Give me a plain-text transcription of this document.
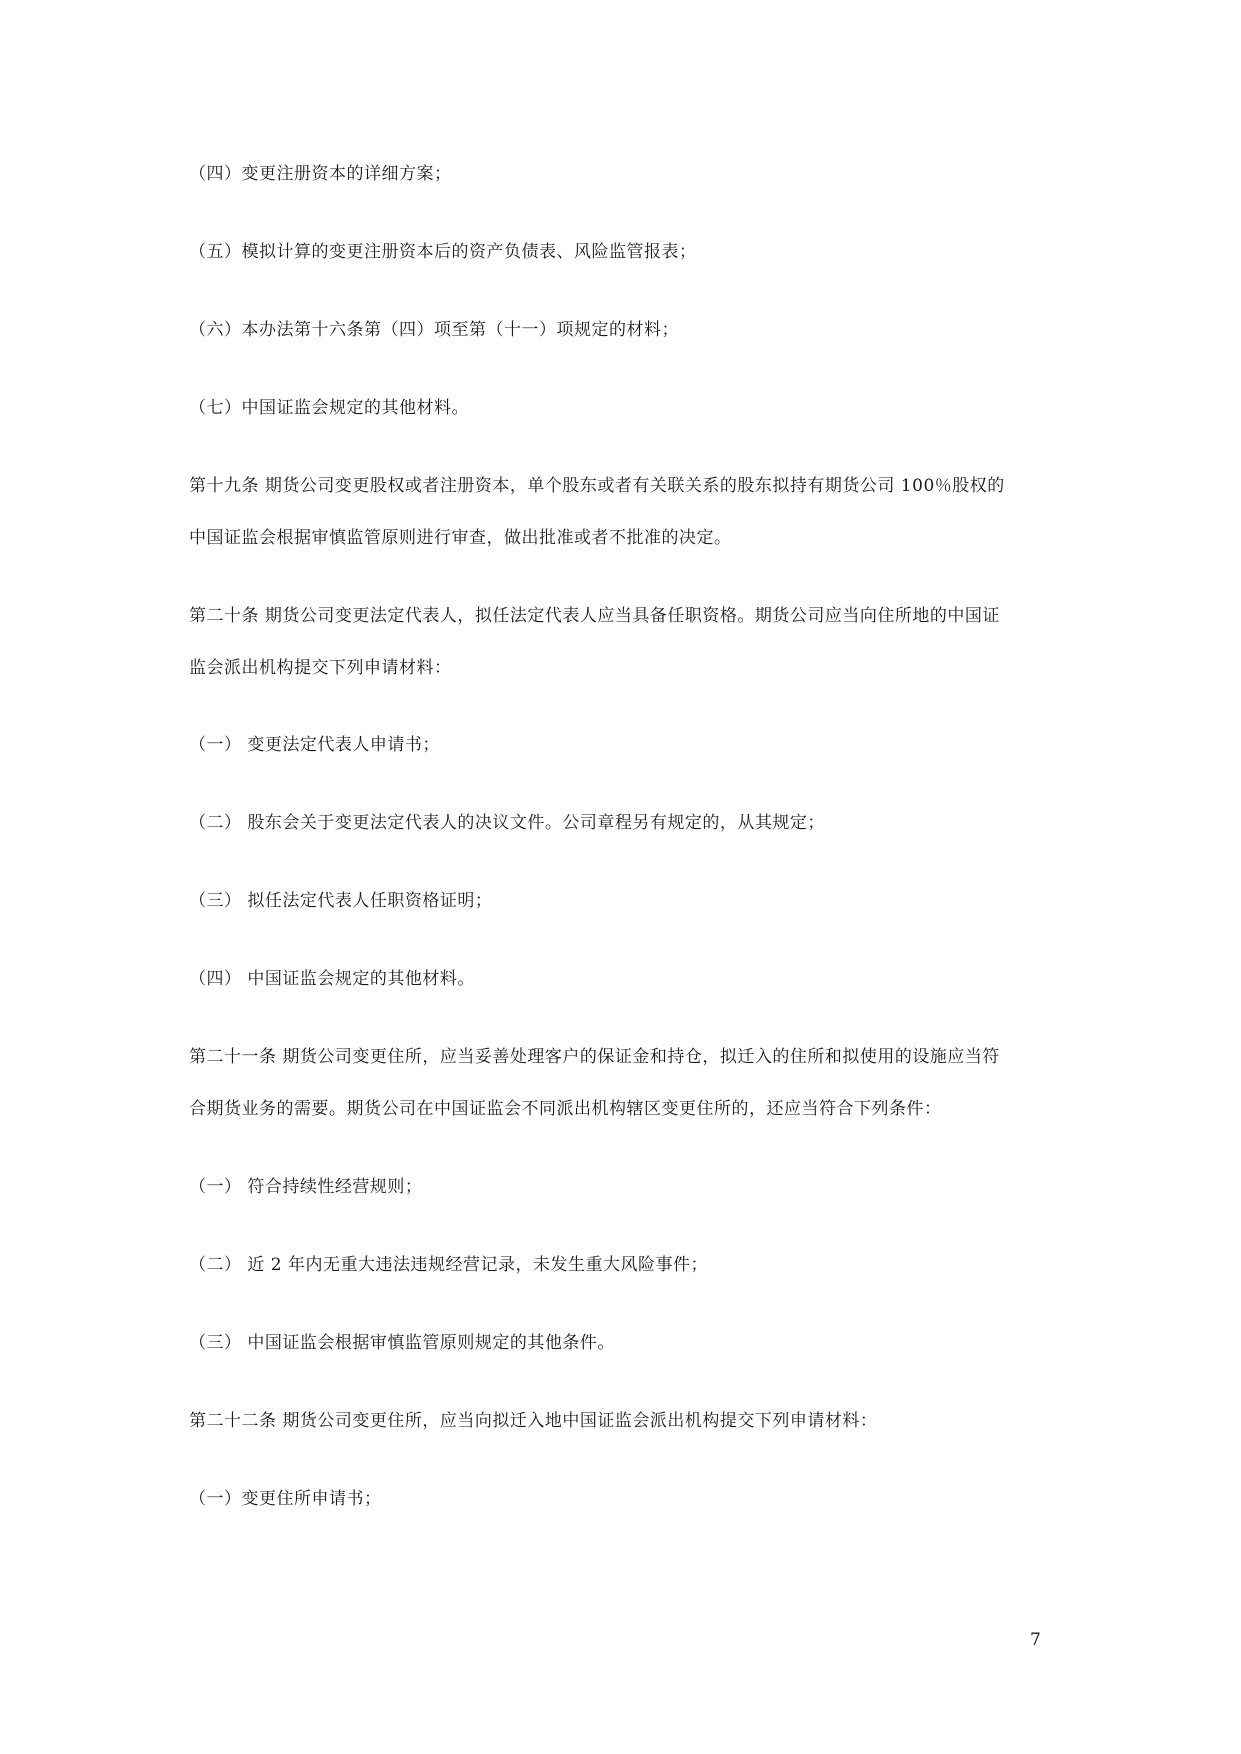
（四）变更注册资本的详细方案；
（五）模拟计算的变更注册资本后的资产负债表、风险监管报表；
（六）本办法第十六条第（四）项至第（十一）项规定的材料；
（七）中国证监会规定的其他材料。
第十九条 期货公司变更股权或者注册资本，单个股东或者有关联关系的股东拟持有期货公司 100％股权的
中国证监会根据审慎监管原则进行审查，做出批准或者不批准的决定。
第二十条 期货公司变更法定代表人，拟任法定代表人应当具备任职资格。期货公司应当向住所地的中国证
监会派出机构提交下列申请材料：
（一） 变更法定代表人申请书；
（二） 股东会关于变更法定代表人的决议文件。公司章程另有规定的，从其规定；
（三） 拟任法定代表人任职资格证明；
（四） 中国证监会规定的其他材料。
第二十一条 期货公司变更住所，应当妥善处理客户的保证金和持仓，拟迁入的住所和拟使用的设施应当符
合期货业务的需要。期货公司在中国证监会不同派出机构辖区变更住所的，还应当符合下列条件：
（一） 符合持续性经营规则；
（二） 近 2 年内无重大违法违规经营记录，未发生重大风险事件；
（三） 中国证监会根据审慎监管原则规定的其他条件。
第二十二条 期货公司变更住所，应当向拟迁入地中国证监会派出机构提交下列申请材料：
（一）变更住所申请书；
7
